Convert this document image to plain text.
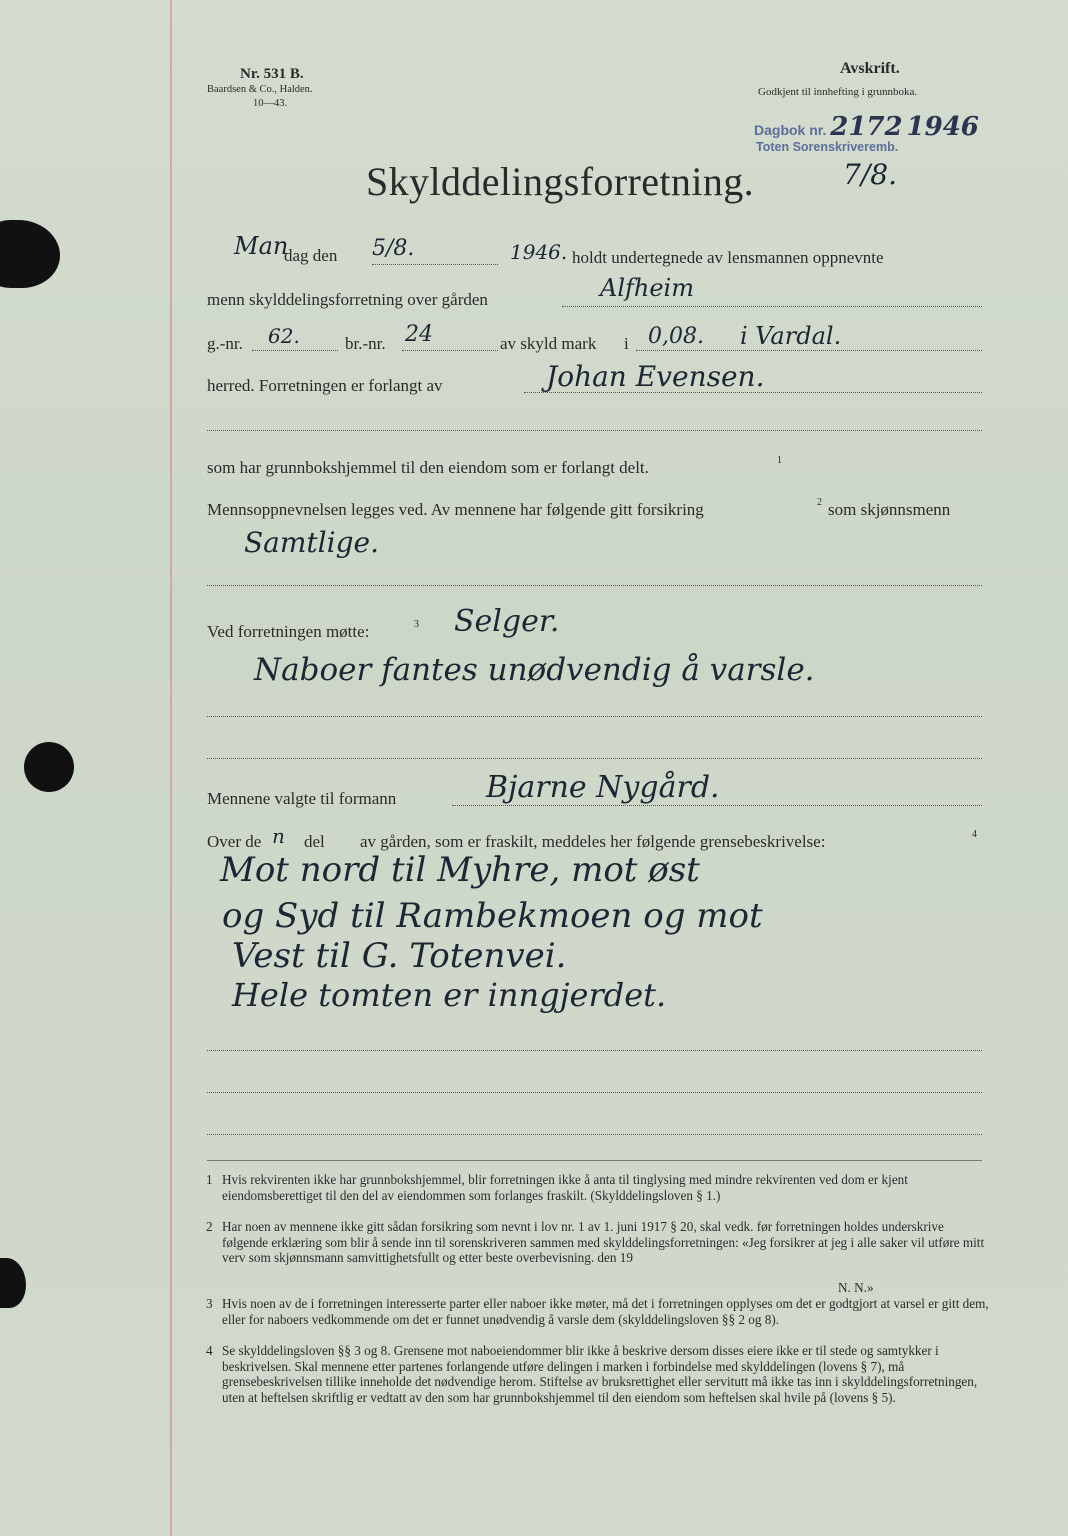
Nr. 531 B.
Baardsen & Co., Halden.
10—43.
Avskrift.
Godkjent til innhefting i grunnboka.
Dagbok nr. 2172 1946
Toten Sorenskriveremb.
Skylddelingsforretning.	7/8.
Man
dag den 5/8.	1946. holdt undertegnede av lensmannen oppnevnte
menn skylddelingsforretning over gården	Alfheim
g.-nr. 62.	br.-nr. 24	av skyld mark i 0,08. i Vardal.
herred. Forretningen er forlangt av	Johan Evensen.
som har grunnbokshjemmel til den eiendom som er forlangt delt.	1
Mennsoppnevnelsen legges ved. Av mennene har følgende gitt forsikring	2 som skjønnsmenn
Samtlige.
Ved forretningen møtte:	3 Selger.
Naboer fantes unødvendig å varsle.
Mennene valgte til formann	Bjarne Nygård.
Over de n del av gården, som er fraskilt, meddeles her følgende grensebeskrivelse:	4
Mot nord til Myhre, mot øst
og Syd til Rambekmoen og mot
Vest til G. Totenvei.
Hele tomten er inngjerdet.
1 Hvis rekvirenten ikke har grunnbokshjemmel, blir forretningen ikke å anta til tinglysing med mindre rekvirenten ved dom er kjent eiendomsberettiget til den del av eiendommen som forlanges fraskilt. (Skylddelingsloven § 1.)
2 Har noen av mennene ikke gitt sådan forsikring som nevnt i lov nr. 1 av 1. juni 1917 § 20, skal vedk. før forretningen holdes underskrive følgende erklæring som blir å sende inn til sorenskriveren sammen med skylddelingsforretningen: «Jeg forsikrer at jeg i alle saker vil utføre mitt verv som skjønnsmann samvittighetsfullt og etter beste overbevisning. den 19
N. N.»
3 Hvis noen av de i forretningen interesserte parter eller naboer ikke møter, må det i forretningen opplyses om det er godtgjort at varsel er gitt dem, eller for naboers vedkommende om det er funnet unødvendig å varsle dem (skylddelingsloven §§ 2 og 8).
4 Se skylddelingsloven §§ 3 og 8. Grensene mot naboeiendommer blir ikke å beskrive dersom disses eiere ikke er til stede og samtykker i beskrivelsen. Skal mennene etter partenes forlangende utføre delingen i marken i forbindelse med skylddelingen (lovens § 7), må grensebeskrivelsen tillike inneholde det nødvendige herom. Stiftelse av bruksrettighet eller servitutt må ikke tas inn i skylddelingsforretningen, uten at heftelsen skriftlig er vedtatt av den som har grunnbokshjemmel til den eiendom som heftelsen skal hvile på (lovens § 5).
